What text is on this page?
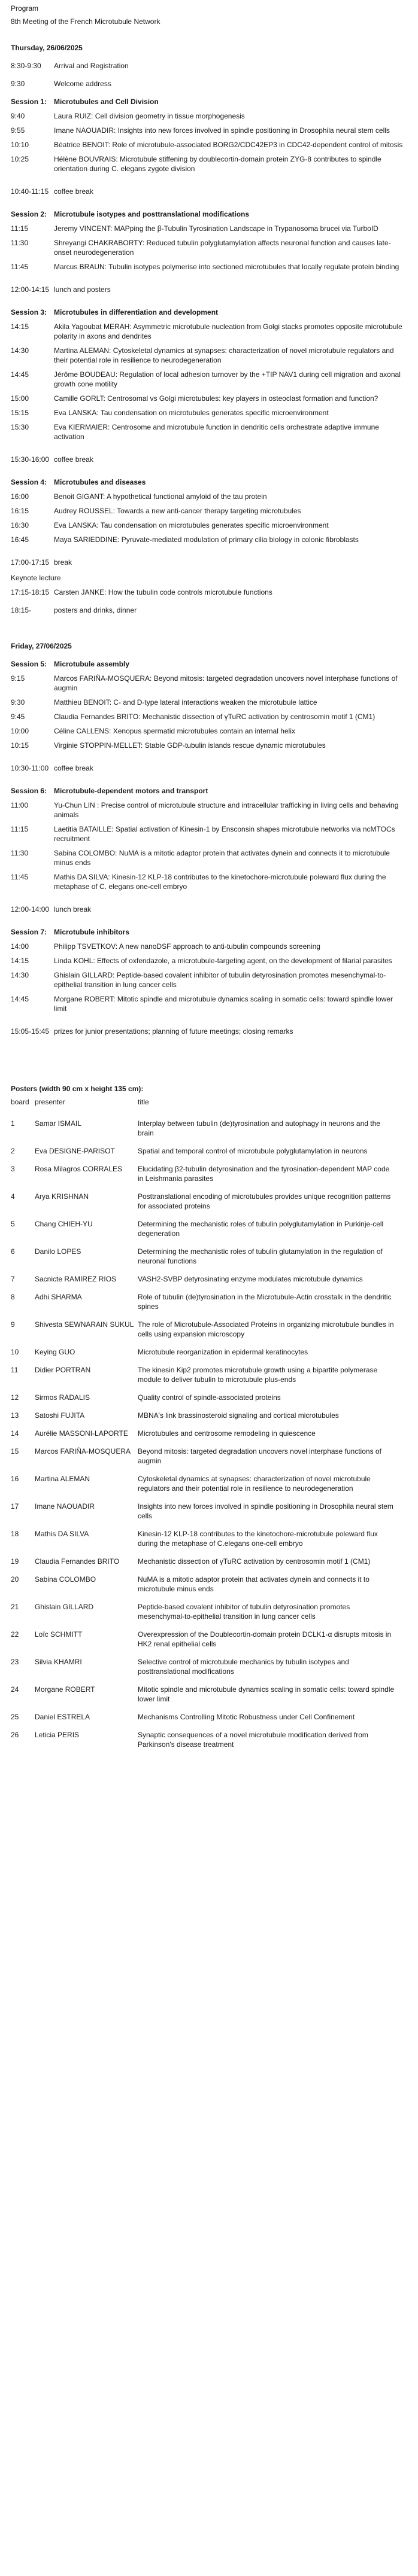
Program
8th Meeting of the French Microtubule Network
Thursday, 26/06/2025
8:30-9:30	Arrival and Registration
9:30	Welcome address
Session 1: Microtubules and Cell Division
9:40	Laura RUIZ: Cell division geometry in tissue morphogenesis
9:55	Imane NAOUADIR: Insights into new forces involved in spindle positioning in Drosophila neural stem cells
10:10	Béatrice BENOIT: Role of microtubule-associated BORG2/CDC42EP3 in CDC42-dependent control of mitosis
10:25	Hélène BOUVRAIS: Microtubule stiffening by doublecortin-domain protein ZYG-8 contributes to spindle orientation during C. elegans zygote division
10:40-11:15 coffee break
Session 2: Microtubule isotypes and posttranslational modifications
11:15	Jeremy VINCENT: MAPping the β-Tubulin Tyrosination Landscape in Trypanosoma brucei via TurboID
11:30	Shreyangi CHAKRABORTY: Reduced tubulin polyglutamylation affects neuronal function and causes late-onset neurodegeneration
11:45	Marcus BRAUN: Tubulin isotypes polymerise into sectioned microtubules that locally regulate protein binding
12:00-14:15 lunch and posters
Session 3: Microtubules in differentiation and development
14:15	Akila Yagoubat MERAH: Asymmetric microtubule nucleation from Golgi stacks promotes opposite microtubule polarity in axons and dendrites
14:30	Martina ALEMAN: Cytoskeletal dynamics at synapses: characterization of novel microtubule regulators and their potential role in resilience to neurodegeneration
14:45	Jérôme BOUDEAU: Regulation of local adhesion turnover by the +TIP NAV1 during cell migration and axonal growth cone motility
15:00	Camille GORLT: Centrosomal vs Golgi microtubules: key players in osteoclast formation and function?
15:15	Eva LANSKA: Tau condensation on microtubules generates specific microenvironment
15:30	Eva KIERMAIER: Centrosome and microtubule function in dendritic cells orchestrate adaptive immune activation
15:30-16:00 coffee break
Session 4: Microtubules and diseases
16:00	Benoit GIGANT: A hypothetical functional amyloid of the tau protein
16:15	Audrey ROUSSEL: Towards a new anti-cancer therapy targeting microtubules
16:30	Eva LANSKA: Tau condensation on microtubules generates specific microenvironment
16:45	Maya SARIEDDINE: Pyruvate-mediated modulation of primary cilia biology in colonic fibroblasts
17:00-17:15 break
Keynote lecture
17:15-18:15 Carsten JANKE: How the tubulin code controls microtubule functions
18:15-	posters and drinks, dinner
Friday, 27/06/2025
Session 5: Microtubule assembly
9:15	Marcos FARIÑA-MOSQUERA: Beyond mitosis: targeted degradation uncovers novel interphase functions of augmin
9:30	Matthieu BENOIT: C- and D-type lateral interactions weaken the microtubule lattice
9:45	Claudia Fernandes BRITO: Mechanistic dissection of γTuRC activation by centrosomin motif 1 (CM1)
10:00	Céline CALLENS: Xenopus spermatid microtubules contain an internal helix
10:15	Virginie STOPPIN-MELLET: Stable GDP-tubulin islands rescue dynamic microtubules
10:30-11:00 coffee break
Session 6: Microtubule-dependent motors and transport
11:00	Yu-Chun LIN : Precise control of microtubule structure and intracellular trafficking in living cells and behaving animals
11:15	Laetitia BATAILLE: Spatial activation of Kinesin-1 by Ensconsin shapes microtubule networks via ncMTOCs recruitment
11:30	Sabina COLOMBO: NuMA is a mitotic adaptor protein that activates dynein and connects it to microtubule minus ends
11:45	Mathis DA SILVA: Kinesin-12 KLP-18 contributes to the kinetochore-microtubule poleward flux during the metaphase of C. elegans one-cell embryo
12:00-14:00 lunch break
Session 7: Microtubule inhibitors
14:00	Philipp TSVETKOV: A new nanoDSF approach to anti-tubulin compounds screening
14:15	Linda KOHL: Effects of oxfendazole, a microtubule-targeting agent, on the development of filarial parasites
14:30	Ghislain GILLARD: Peptide-based covalent inhibitor of tubulin detyrosination promotes mesenchymal-to-epithelial transition in lung cancer cells
14:45	Morgane ROBERT: Mitotic spindle and microtubule dynamics scaling in somatic cells: toward spindle lower limit
15:05-15:45 prizes for junior presentations; planning of future meetings; closing remarks
Posters (width 90 cm x height 135 cm):
board presenter	title
1	Samar ISMAIL	Interplay between tubulin (de)tyrosination and autophagy in neurons and the brain
2	Eva DESIGNE-PARISOT	Spatial and temporal control of microtubule polyglutamylation in neurons
3	Rosa Milagros CORRALES	Elucidating β2-tubulin detyrosination and the tyrosination-dependent MAP code in Leishmania parasites
4	Arya KRISHNAN	Posttranslational encoding of microtubules provides unique recognition patterns for associated proteins
5	Chang CHIEH-YU	Determining the mechanistic roles of tubulin polyglutamylation in Purkinje-cell degeneration
6	Danilo LOPES	Determining the mechanistic roles of tubulin glutamylation in the regulation of neuronal functions
7	Sacnicte RAMIREZ RIOS	VASH2-SVBP detyrosinating enzyme modulates microtubule dynamics
8	Adhi SHARMA	Role of tubulin (de)tyrosination in the Microtubule-Actin crosstalk in the dendritic spines
9	Shivesta SEWNARAIN SUKUL The role of Microtubule-Associated Proteins in organizing microtubule bundles in cells using expansion microscopy
10	Keying GUO	Microtubule reorganization in epidermal keratinocytes
11	Didier PORTRAN	The kinesin Kip2 promotes microtubule growth using a bipartite polymerase module to deliver tubulin to microtubule plus-ends
12	Sirmos RADALIS	Quality control of spindle-associated proteins
13	Satoshi FUJITA	MBNA's link brassinosteroid signaling and cortical microtubules
14	Aurélie MASSONI-LAPORTE	Microtubules and centrosome remodeling in quiescence
15	Marcos FARIÑA-MOSQUERA Beyond mitosis: targeted degradation uncovers novel interphase functions of augmin
16	Martina ALEMAN	Cytoskeletal dynamics at synapses: characterization of novel microtubule regulators and their potential role in resilience to neurodegeneration
17	Imane NAOUADIR	Insights into new forces involved in spindle positioning in Drosophila neural stem cells
18	Mathis DA SILVA	Kinesin-12 KLP-18 contributes to the kinetochore-microtubule poleward flux during the metaphase of C.elegans one-cell embryo
19	Claudia Fernandes BRITO	Mechanistic dissection of γTuRC activation by centrosomin motif 1 (CM1)
20	Sabina COLOMBO	NuMA is a mitotic adaptor protein that activates dynein and connects it to microtubule minus ends
21	Ghislain GILLARD	Peptide-based covalent inhibitor of tubulin detyrosination promotes mesenchymal-to-epithelial transition in lung cancer cells
22	Loïc SCHMITT	Overexpression of the Doublecortin-domain protein DCLK1-α disrupts mitosis in HK2 renal epithelial cells
23	Silvia KHAMRI	Selective control of microtubule mechanics by tubulin isotypes and posttranslational modifications
24	Morgane ROBERT	Mitotic spindle and microtubule dynamics scaling in somatic cells: toward spindle lower limit
25	Daniel ESTRELA	Mechanisms Controlling Mitotic Robustness under Cell Confinement
26	Leticia PERIS	Synaptic consequences of a novel microtubule modification derived from Parkinson's disease treatment
